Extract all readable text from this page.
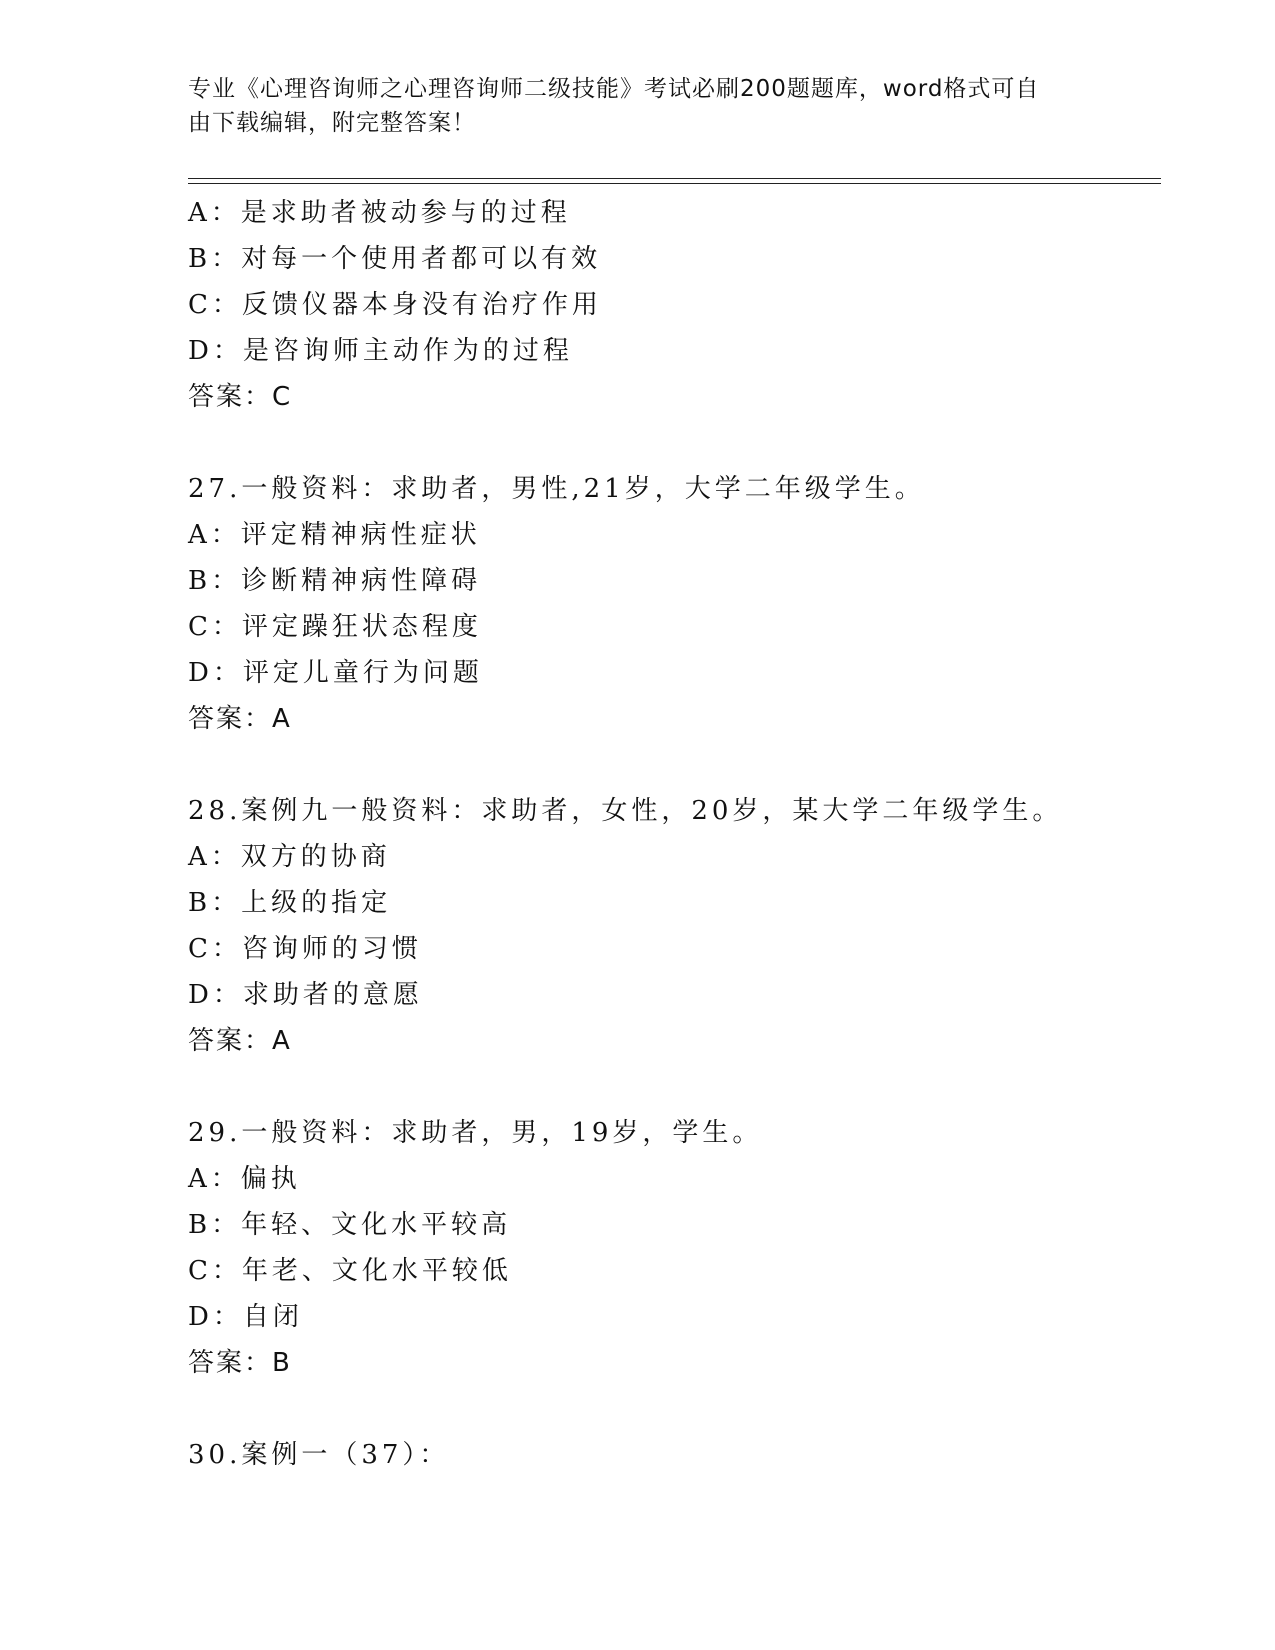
专业《心理咨询师之心理咨询师二级技能》考试必刷200题题库，word格式可自
由下载编辑，附完整答案！
A：是求助者被动参与的过程
B：对每一个使用者都可以有效
C：反馈仪器本身没有治疗作用
D：是咨询师主动作为的过程
答案：C
27.一般资料：求助者，男性,21岁，大学二年级学生。
A：评定精神病性症状
B：诊断精神病性障碍
C：评定躁狂状态程度
D：评定儿童行为问题
答案：A
28.案例九一般资料：求助者，女性，20岁，某大学二年级学生。
A：双方的协商
B：上级的指定
C：咨询师的习惯
D：求助者的意愿
答案：A
29.一般资料：求助者，男，19岁，学生。
A：偏执
B：年轻、文化水平较高
C：年老、文化水平较低
D：自闭
答案：B
30.案例一（37）：
